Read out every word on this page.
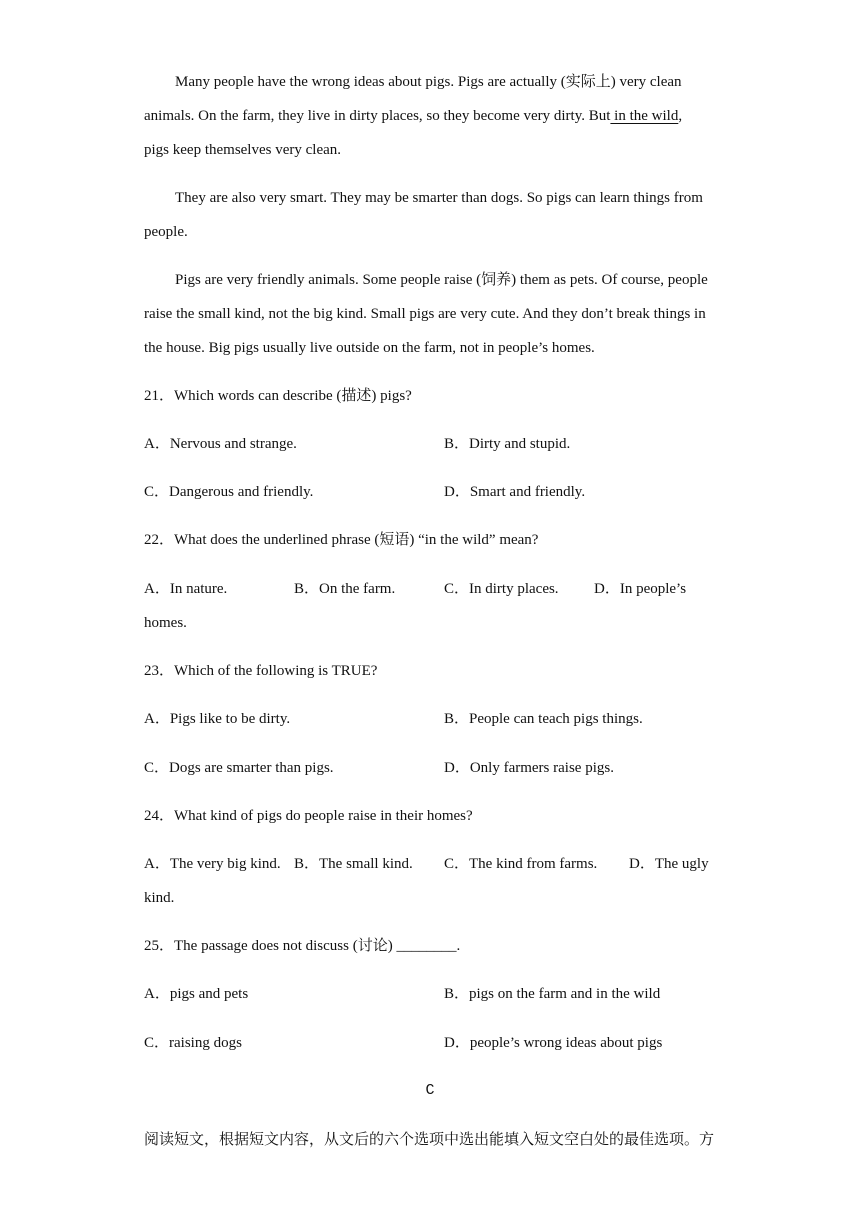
Many people have the wrong ideas about pigs. Pigs are actually (实际上) very clean
animals. On the farm, they live in dirty places, so they become very dirty. But in the wild,
pigs keep themselves very clean.
They are also very smart. They may be smarter than dogs. So pigs can learn things from
people.
Pigs are very friendly animals. Some people raise (饲养) them as pets. Of course, people
raise the small kind, not the big kind. Small pigs are very cute. And they don’t break things in
the house. Big pigs usually live outside on the farm, not in people’s homes.
21．Which words can describe (描述) pigs?
A．Nervous and strange.	B．Dirty and stupid.
C．Dangerous and friendly.	D．Smart and friendly.
22．What does the underlined phrase (短语) “in the wild” mean?
A．In nature.	B．On the farm.	C．In dirty places. D．In people’s
homes.
23．Which of the following is TRUE?
A．Pigs like to be dirty.	B．People can teach pigs things.
C．Dogs are smarter than pigs.	D．Only farmers raise pigs.
24．What kind of pigs do people raise in their homes?
A．The very big kind. B．The small kind. C．The kind from farms. D．The ugly
kind.
25．The passage does not discuss (讨论) ________.
A．pigs and pets	B．pigs on the farm and in the wild
C．raising dogs	D．people’s wrong ideas about pigs
C
阅读短文，根据短文内容，从文后的六个选项中选出能填入短文空白处的最佳选项。方
